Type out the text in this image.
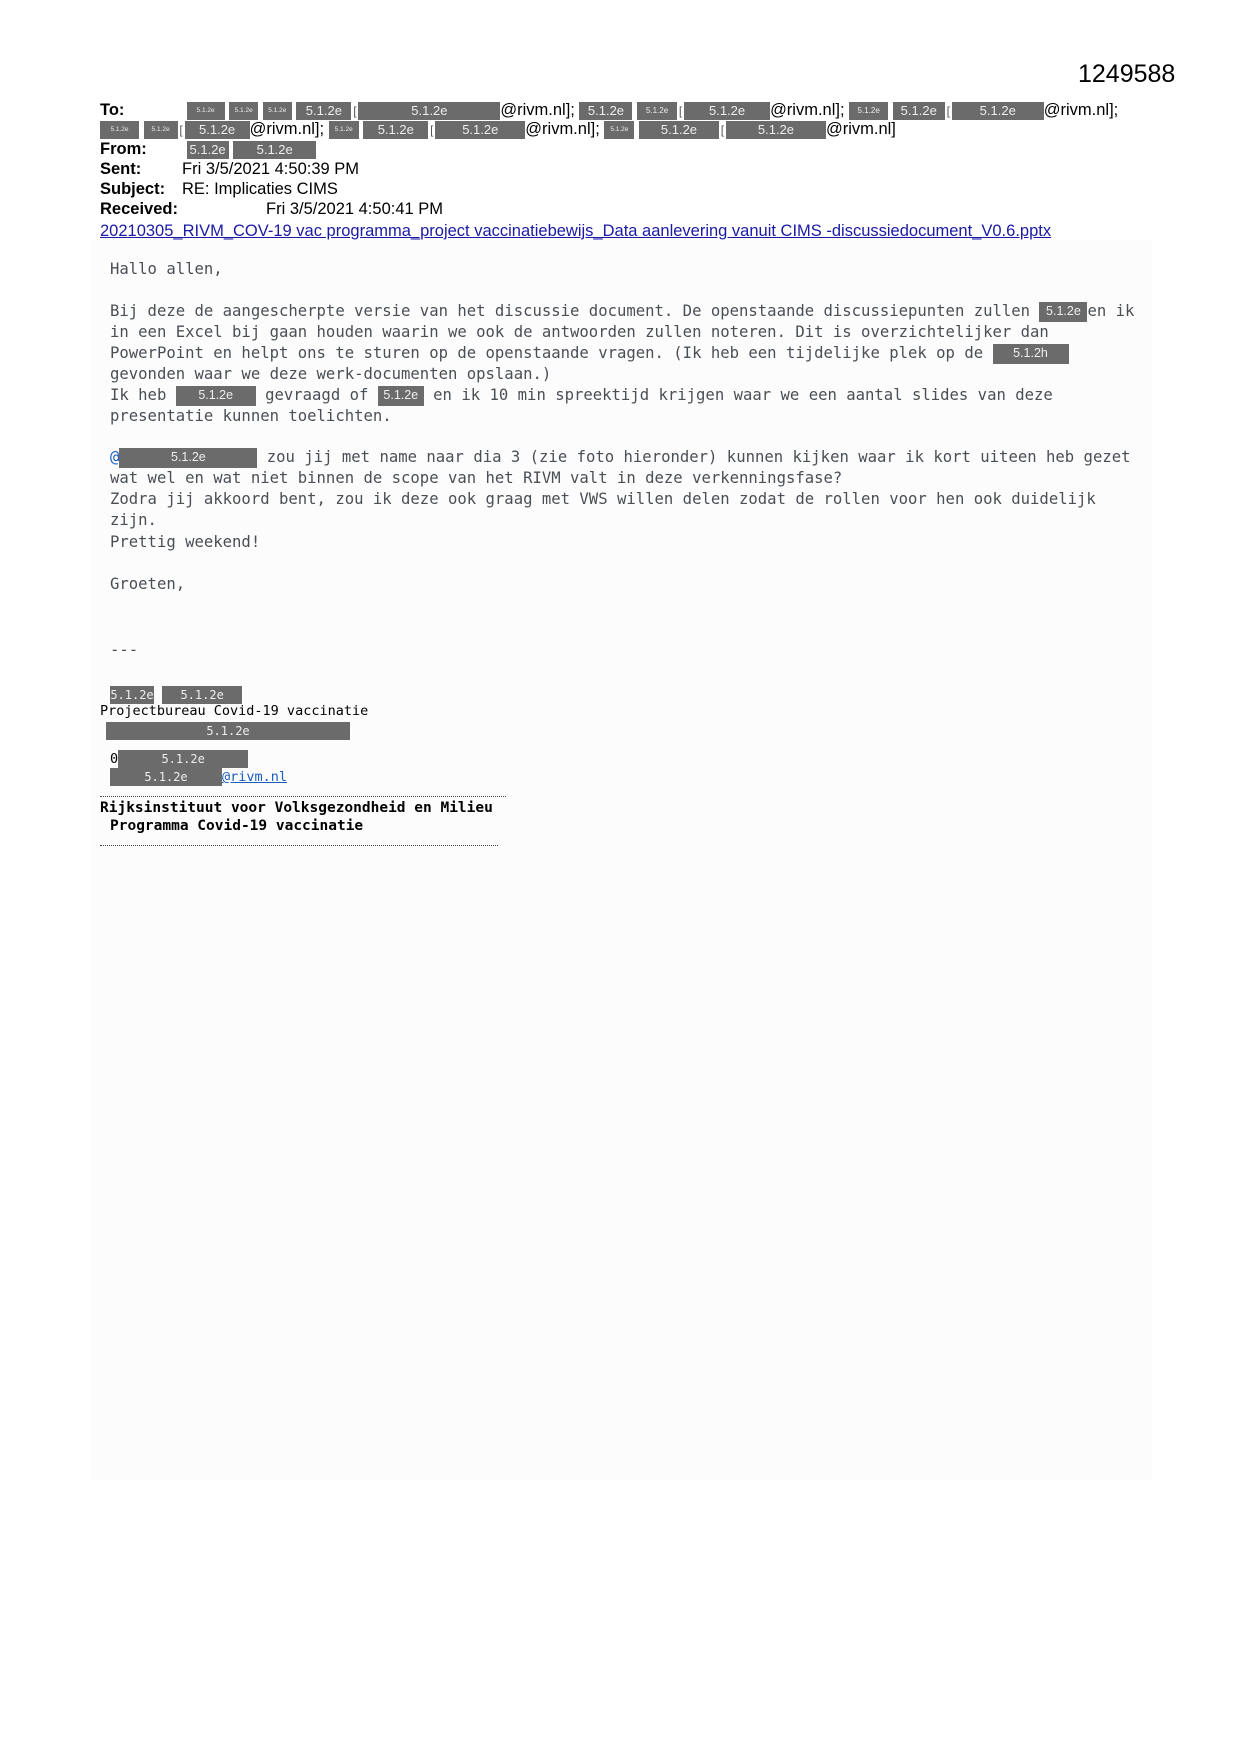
1249588
To:	5.1.2e	5.1.2e 5.1.2e 5.1.2e [	5.1.2e	@rivm.nl]; 5.1.2e	5.1.2e [ 5.1.2e @rivm.nl]; 5.1.2e 5.1.2e [ 5.1.2e @rivm.nl];
5.1.2e	5.1.2e [ 5.1.2e @rivm.nl]; 5.1.2e 5.1.2e [ 5.1.2e @rivm.nl]; 5.1.2e 5.1.2e [	5.1.2e @rivm.nl]
From:	5.1.2e 5.1.2e
Sent: Fri 3/5/2021 4:50:39 PM
Subject: RE: Implicaties CIMS
Received:	Fri 3/5/2021 4:50:41 PM
20210305_RIVM_COV-19 vac programma_project vaccinatiebewijs_Data aanlevering vanuit CIMS -discussiedocument_V0.6.pptx
Hallo allen,

Bij deze de aangescherpte versie van het discussie document. De openstaande discussiepunten zullen 5.1.2e en ik in een Excel bij gaan houden waarin we ook de antwoorden zullen noteren. Dit is overzichtelijker dan PowerPoint en helpt ons te sturen op de openstaande vragen. (Ik heb een tijdelijke plek op de 5.1.2h gevonden waar we deze werk-documenten opslaan.)

Ik heb 5.1.2e gevraagd of 5.1.2e en ik 10 min spreektijd krijgen waar we een aantal slides van deze presentatie kunnen toelichten.

@	5.1.2e	zou jij met name naar dia 3 (zie foto hieronder) kunnen kijken waar ik kort uiteen heb gezet wat wel en wat niet binnen de scope van het RIVM valt in deze verkenningsfase?

Zodra jij akkoord bent, zou ik deze ook graag met VWS willen delen zodat de rollen voor hen ook duidelijk zijn.

Prettig weekend!
Groeten,
---
5.1.2e 5.1.2e
Projectbureau Covid-19 vaccinatie
5.1.2e
0	5.1.2e
5.1.2e	@rivm.nl
Rijksinstituut voor Volksgezondheid en Milieu
Programma Covid-19 vaccinatie
